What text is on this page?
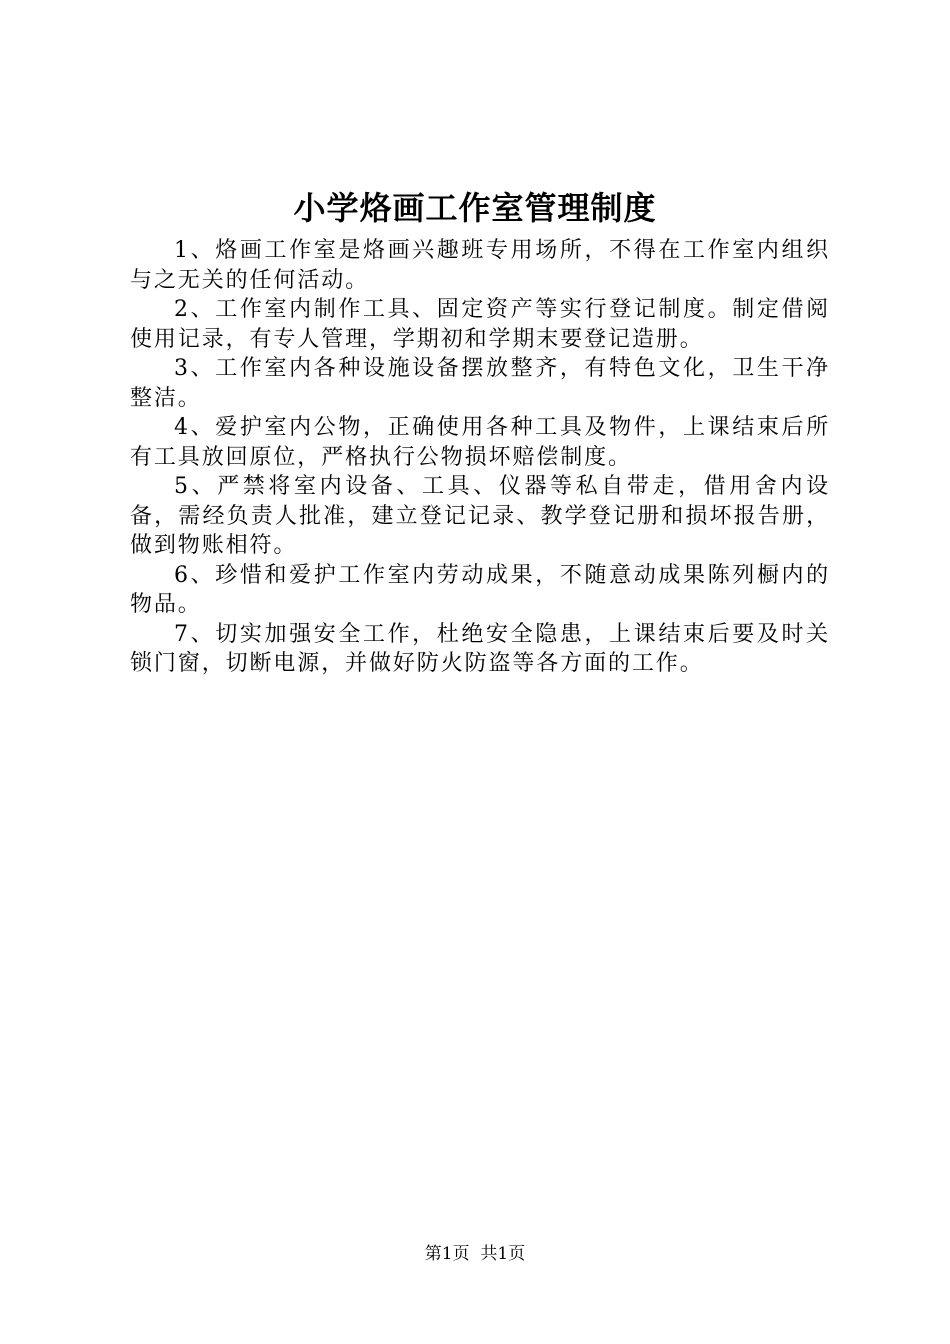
小学烙画工作室管理制度

1、烙画工作室是烙画兴趣班专用场所，不得在工作室内组织与之无关的任何活动。

2、工作室内制作工具、固定资产等实行登记制度。制定借阅使用记录，有专人管理，学期初和学期末要登记造册。

3、工作室内各种设施设备摆放整齐，有特色文化，卫生干净整洁。

4、爱护室内公物，正确使用各种工具及物件，上课结束后所有工具放回原位，严格执行公物损坏赔偿制度。

5、严禁将室内设备、工具、仪器等私自带走，借用舍内设备，需经负责人批准，建立登记记录、教学登记册和损坏报告册，做到物账相符。

6、珍惜和爱护工作室内劳动成果，不随意动成果陈列橱内的物品。

7、切实加强安全工作，杜绝安全隐患，上课结束后要及时关锁门窗，切断电源，并做好防火防盗等各方面的工作。

第1页  共1页
